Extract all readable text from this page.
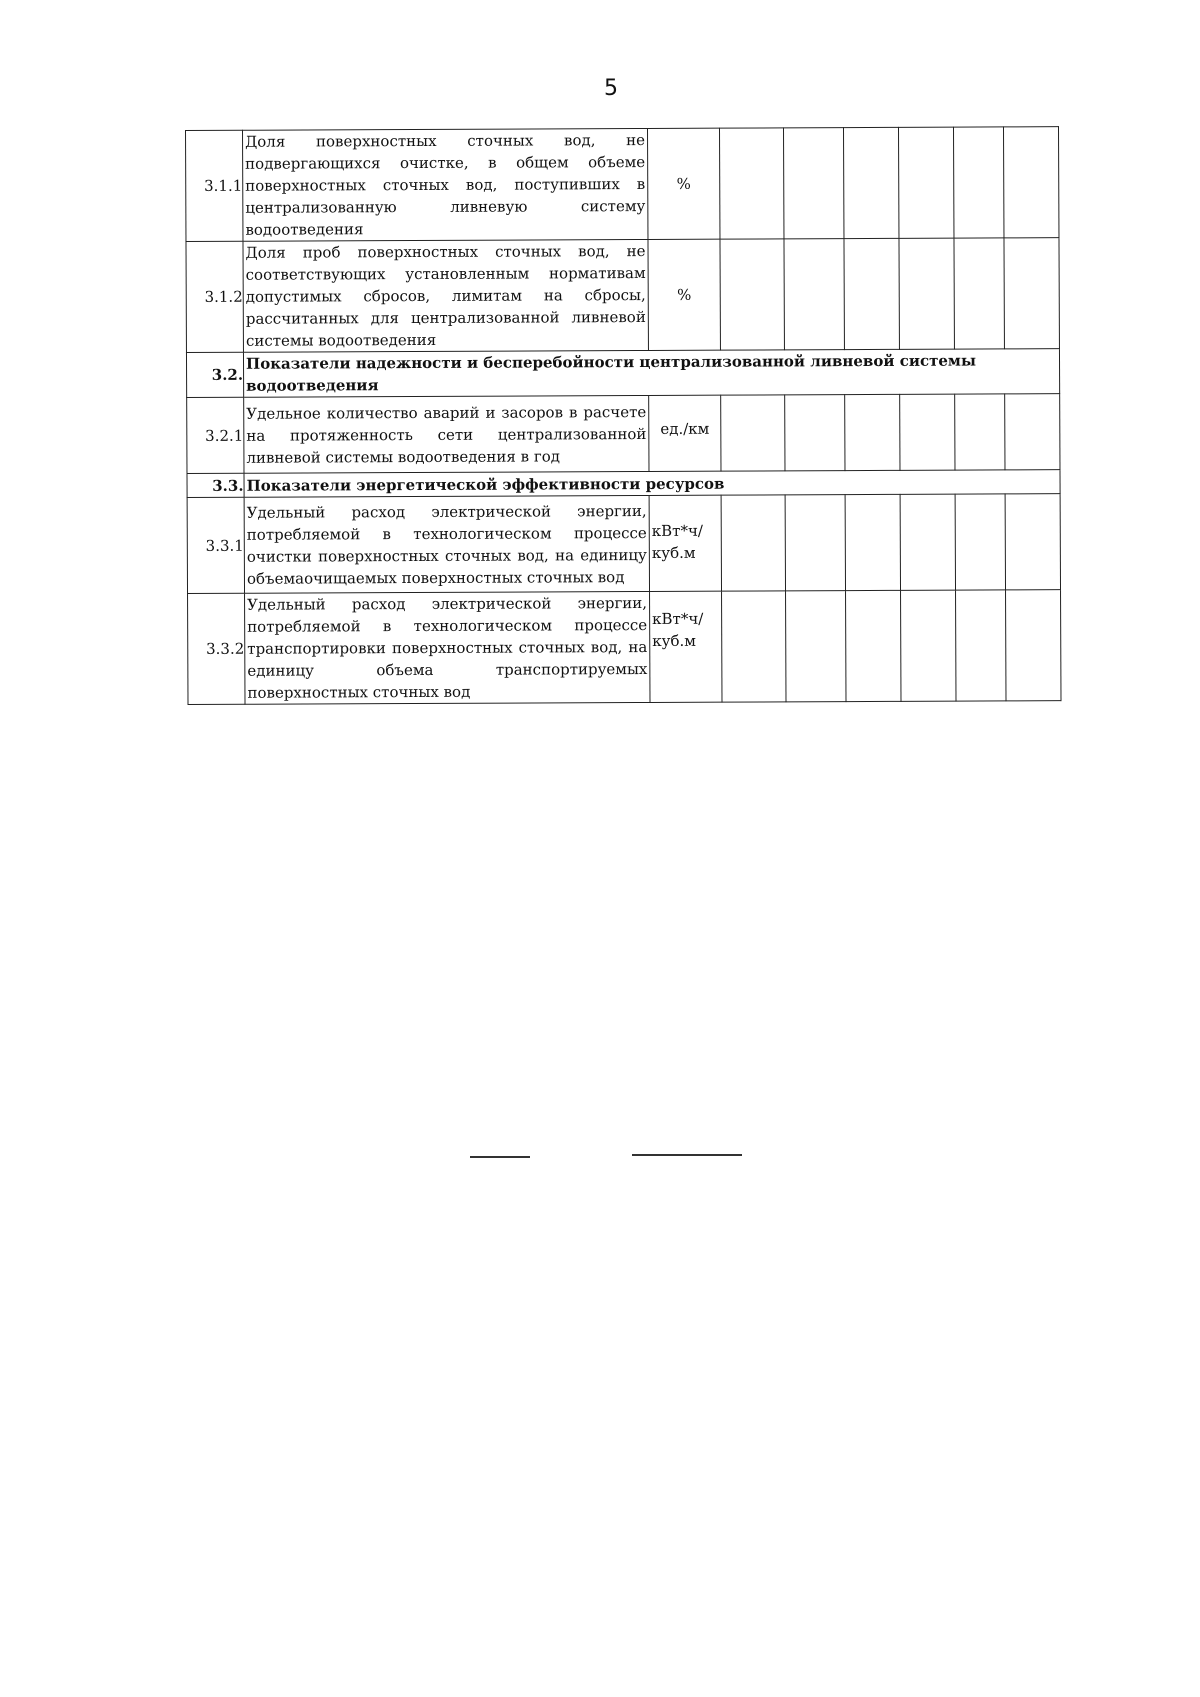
5
3.1.1	Доля поверхностных сточных вод, не подвергающихся очистке, в общем объеме поверхностных сточных вод, поступивших в централизованную ливневую систему водоотведения	%						
3.1.2	Доля проб поверхностных сточных вод, не соответствующих установленным нормативам допустимых сбросов, лимитам на сбросы, рассчитанных для централизованной ливневой системы водоотведения	%						
3.2.	Показатели надежности и бесперебойности централизованной ливневой системы водоотведения							
3.2.1	Удельное количество аварий и засоров в расчете на протяженность сети централизованной ливневой системы водоотведения в год	ед./км						
3.3.	Показатели энергетической эффективности ресурсов							
3.3.1	Удельный расход электрической энергии, потребляемой в технологическом процессе очистки поверхностных сточных вод, на единицу объемаочищаемых поверхностных сточных вод	кВт*ч/ куб.м						
3.3.2	Удельный расход электрической энергии, потребляемой в технологическом процессе транспортировки поверхностных сточных вод, на единицу объема транспортируемых поверхностных сточных вод	кВт*ч/ куб.м						
